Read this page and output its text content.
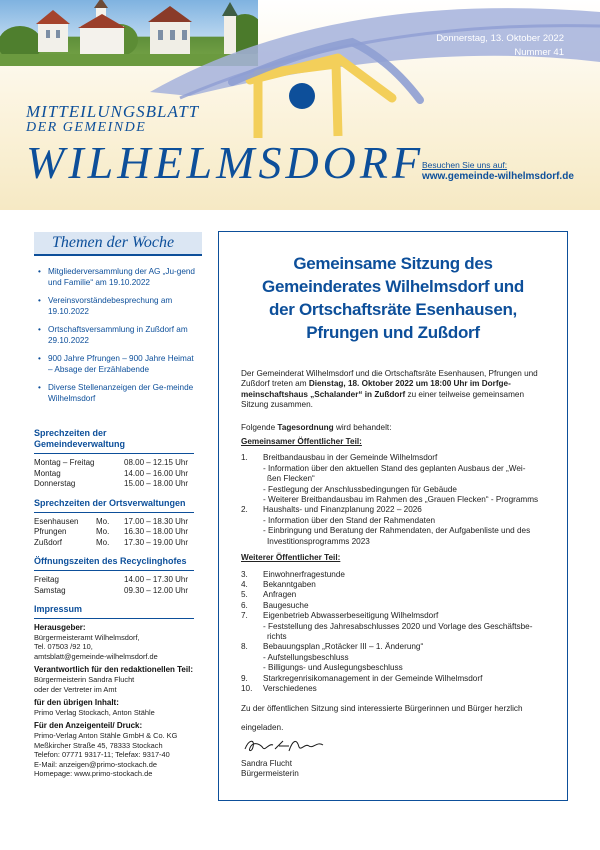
Donnerstag, 13. Oktober 2022
Nummer 41
MITTEILUNGSBLATT
DER GEMEINDE
WILHELMSDORF
Besuchen Sie uns auf:
www.gemeinde-wilhelmsdorf.de
Themen der Woche
• Mitgliederversammlung der AG „Ju-gend und Familie“ am 19.10.2022
• Vereinsvorständebesprechung am 19.10.2022
• Ortschaftsversammlung in Zußdorf am 29.10.2022
• 900 Jahre Pfrungen – 900 Jahre Heimat – Absage der Erzählabende
• Diverse Stellenanzeigen der Ge-meinde Wilhelmsdorf
Sprechzeiten der Gemeindeverwaltung
Montag – Freitag	08.00 – 12.15 Uhr
Montag	14.00 – 16.00 Uhr
Donnerstag	15.00 – 18.00 Uhr
Sprechzeiten der Ortsverwaltungen
Esenhausen	Mo.	17.00 – 18.30 Uhr
Pfrungen	Mo.	16.30 – 18.00 Uhr
Zußdorf	Mo.	17.30 – 19.00 Uhr
Öffnungszeiten des Recyclinghofes
Freitag	14.00 – 17.30 Uhr
Samstag	09.30 – 12.00 Uhr
Impressum
Herausgeber:
Bürgermeisteramt Wilhelmsdorf,
Tel. 07503 /92 10,
amtsblatt@gemeinde-wilhelmsdorf.de
Verantwortlich für den redaktionellen Teil:
Bürgermeisterin Sandra Flucht
oder der Vertreter im Amt
für den übrigen Inhalt:
Primo Verlag Stockach, Anton Stähle
Für den Anzeigenteil/ Druck:
Primo-Verlag Anton Stähle GmbH & Co. KG
Meßkircher Straße 45, 78333 Stockach
Telefon: 07771 9317-11; Telefax: 9317-40
E-Mail: anzeigen@primo-stockach.de
Homepage: www.primo-stockach.de
Gemeinsame Sitzung des
Gemeinderates Wilhelmsdorf und
der Ortschaftsräte Esenhausen,
Pfrungen und Zußdorf
Der Gemeinderat Wilhelmsdorf und die Ortschaftsräte Esenhausen, Pfrungen und Zußdorf treten am Dienstag, 18. Oktober 2022 um 18:00 Uhr im Dorfge-meinschaftshaus „Schalander“ in Zußdorf zu einer teilweise gemeinsamen Sitzung zusammen.
Folgende Tagesordnung wird behandelt:
Gemeinsamer Öffentlicher Teil:
1.	Breitbandausbau in der Gemeinde Wilhelmsdorf
- Information über den aktuellen Stand des geplanten Ausbaus der „Wei-
ßen Flecken“
- Festlegung der Anschlussbedingungen für Gebäude
- Weiterer Breitbandausbau im Rahmen des „Grauen Flecken“ - Programms
2.	Haushalts- und Finanzplanung 2022 – 2026
- Information über den Stand der Rahmendaten
- Einbringung und Beratung der Rahmendaten, der Aufgabenliste und des
Investitionsprogramms 2023
Weiterer Öffentlicher Teil:
3.	Einwohnerfragestunde
4.	Bekanntgaben
5.	Anfragen
6.	Baugesuche
7.	Eigenbetrieb Abwasserbeseitigung Wilhelmsdorf
- Feststellung des Jahresabschlusses 2020 und Vorlage des Geschäftsbe-
richts
8.	Bebauungsplan „Rotäcker III – 1. Änderung“
- Aufstellungsbeschluss
- Billigungs- und Auslegungsbeschluss
9.	Starkregenrisikomanagement in der Gemeinde Wilhelmsdorf
10.	Verschiedenes
Zu der öffentlichen Sitzung sind interessierte Bürgerinnen und Bürger herzlich
eingeladen.
Sandra Flucht
Bürgermeisterin
